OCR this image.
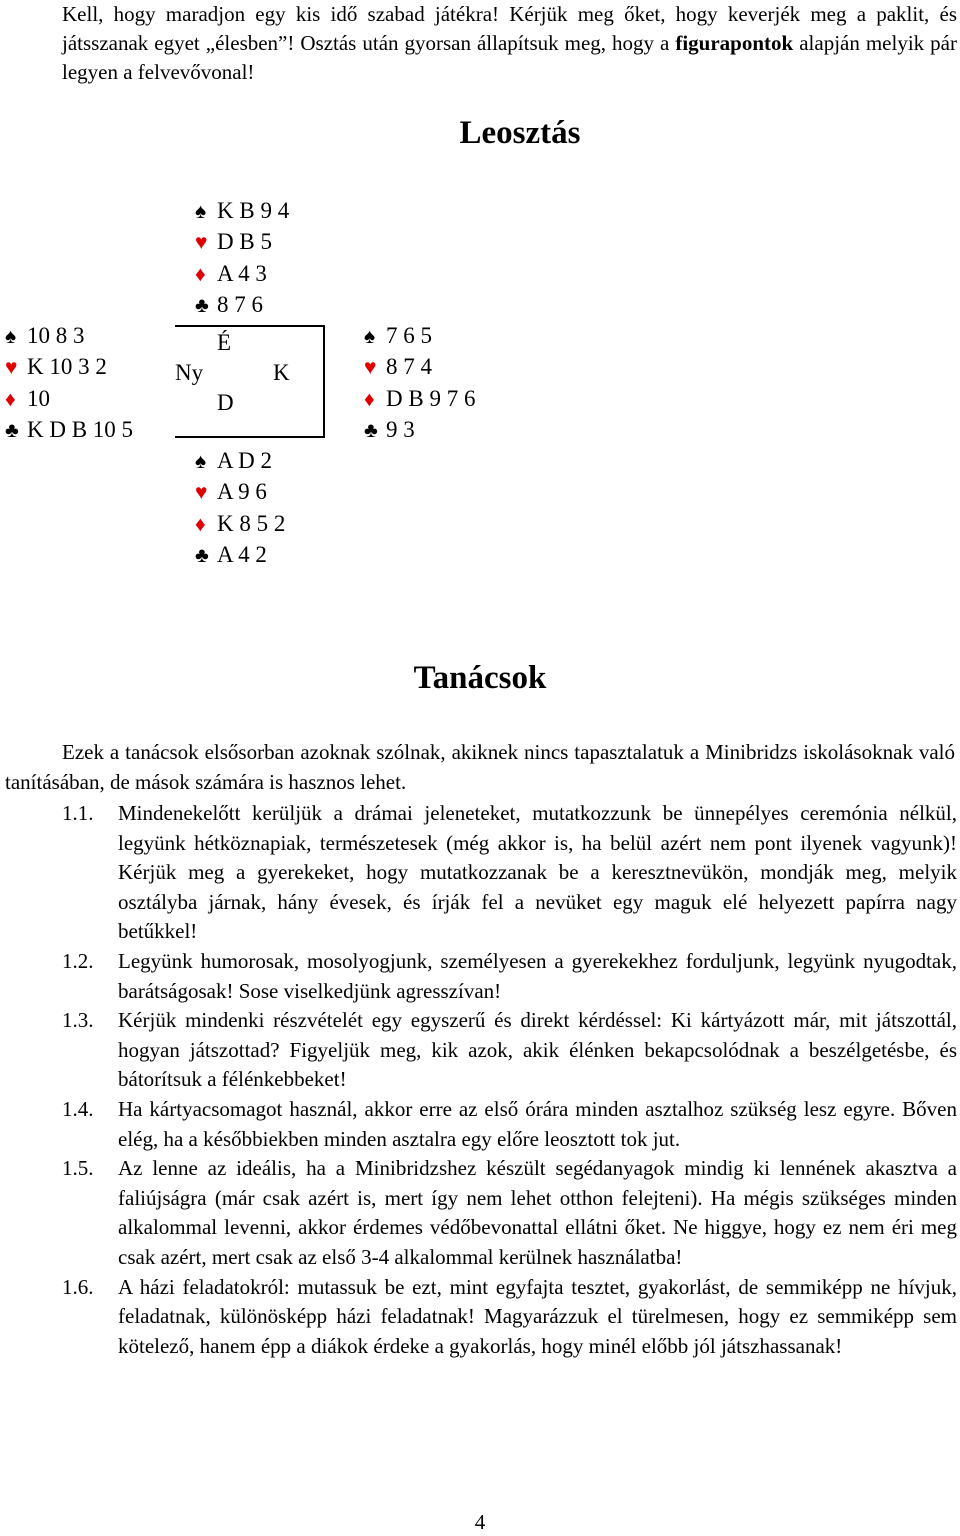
Kell, hogy maradjon egy kis idő szabad játékra! Kérjük meg őket, hogy keverjék meg a paklit, és játsszanak egyet „élesben”! Osztás után gyorsan állapítsuk meg, hogy a figurapontok alapján melyik pár legyen a felvevővonal!
Leosztás
♠ K B 9 4
♥ D B 5
♦ A 4 3
♣ 8 7 6
♠ 10 8 3
♥ K 10 3 2
♦ 10
♣ K D B 10 5
É
Ny	K
D
♠ 7 6 5
♥ 8 7 4
♦ D B 9 7 6
♣ 9 3
♠ A D 2
♥ A 9 6
♦ K 8 5 2
♣ A 4 2
Tanácsok
Ezek a tanácsok elsősorban azoknak szólnak, akiknek nincs tapasztalatuk a Minibridzs iskolásoknak való tanításában, de mások számára is hasznos lehet.
1.1. Mindenekelőtt kerüljük a drámai jeleneteket, mutatkozzunk be ünnepélyes ceremónia nélkül, legyünk hétköznapiak, természetesek (még akkor is, ha belül azért nem pont ilyenek vagyunk)! Kérjük meg a gyerekeket, hogy mutatkozzanak be a keresztnevükön, mondják meg, melyik osztályba járnak, hány évesek, és írják fel a nevüket egy maguk elé helyezett papírra nagy betűkkel!
1.2. Legyünk humorosak, mosolyogjunk, személyesen a gyerekekhez forduljunk, legyünk nyugodtak, barátságosak! Sose viselkedjünk agresszívan!
1.3. Kérjük mindenki részvételét egy egyszerű és direkt kérdéssel: Ki kártyázott már, mit játszottál, hogyan játszottad? Figyeljük meg, kik azok, akik élénken bekapcsolódnak a beszélgetésbe, és bátorítsuk a félénkebbeket!
1.4. Ha kártyacsomagot használ, akkor erre az első órára minden asztalhoz szükség lesz egyre. Bőven elég, ha a későbbiekben minden asztalra egy előre leosztott tok jut.
1.5. Az lenne az ideális, ha a Minibridzshez készült segédanyagok mindig ki lennének akasztva a faliújságra (már csak azért is, mert így nem lehet otthon felejteni). Ha mégis szükséges minden alkalommal levenni, akkor érdemes védőbevonattal ellátni őket. Ne higgye, hogy ez nem éri meg csak azért, mert csak az első 3-4 alkalommal kerülnek használatba!
1.6. A házi feladatokról: mutassuk be ezt, mint egyfajta tesztet, gyakorlást, de semmiképp ne hívjuk, feladatnak, különösképp házi feladatnak! Magyarázzuk el türelmesen, hogy ez semmiképp sem kötelező, hanem épp a diákok érdeke a gyakorlás, hogy minél előbb jól játszhassanak!
4
